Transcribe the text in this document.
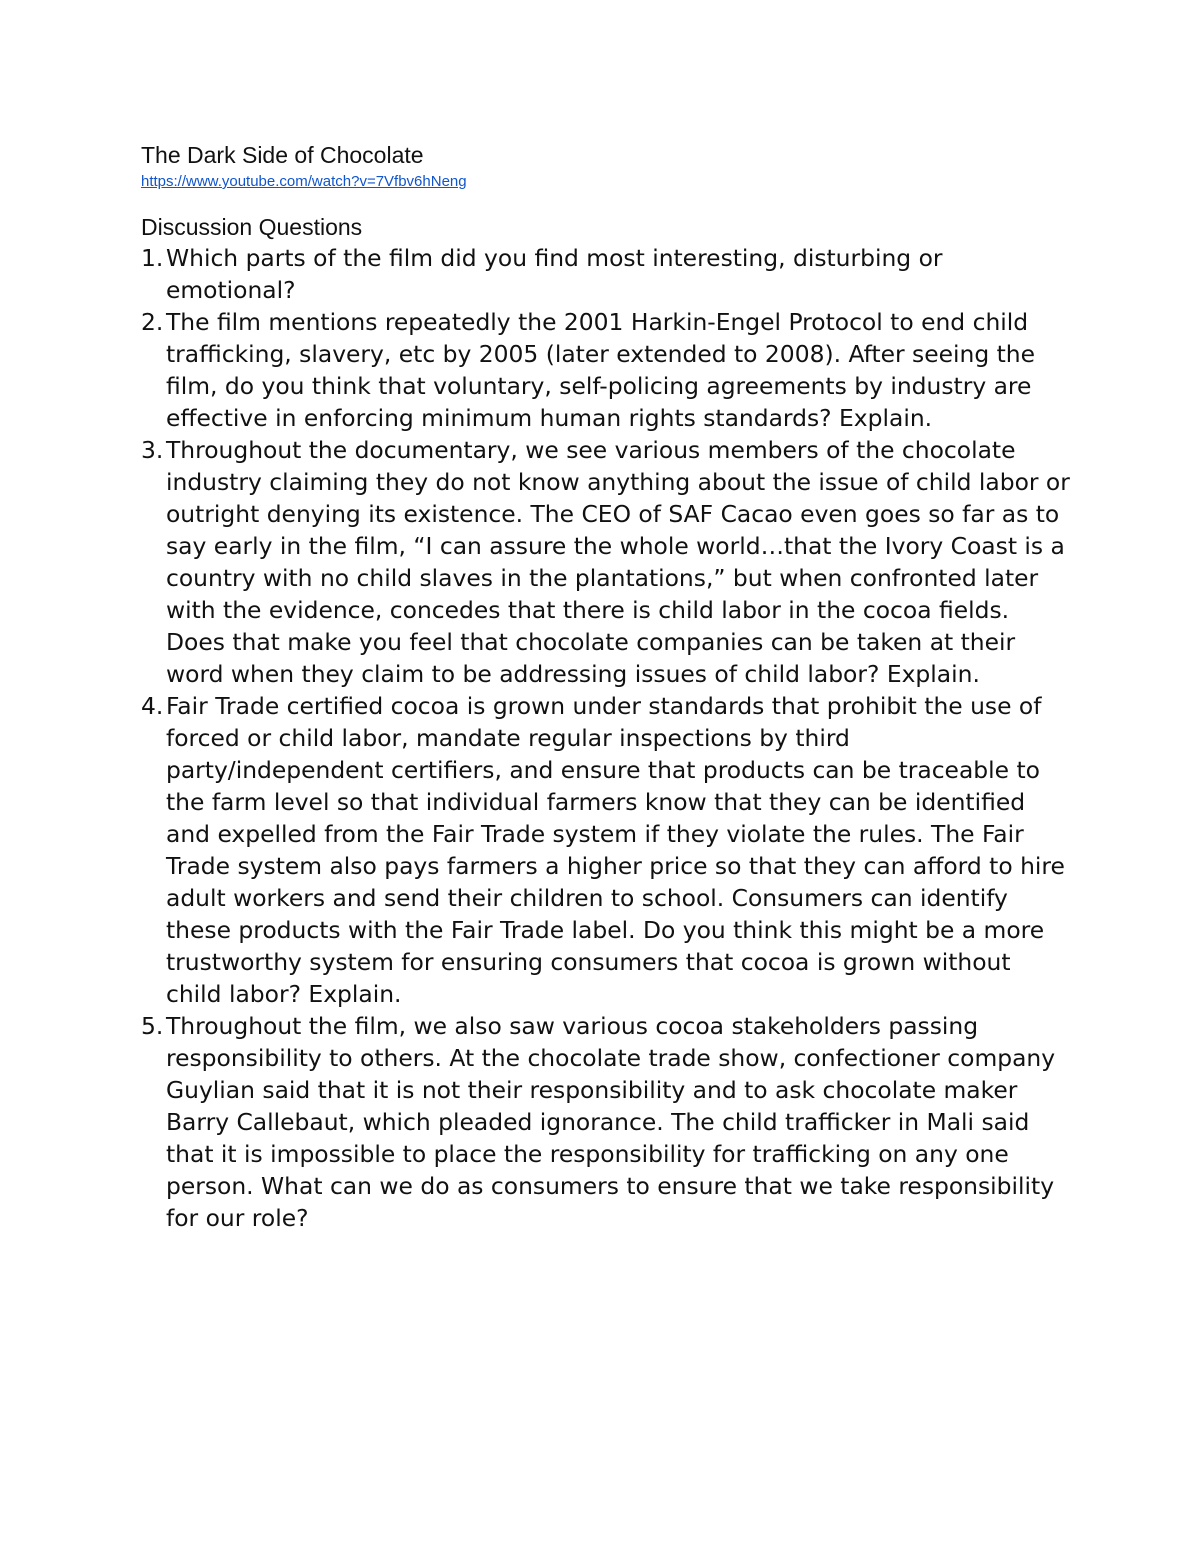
The Dark Side of Chocolate
https://www.youtube.com/watch?v=7Vfbv6hNeng
Discussion Questions
1. Which parts of the film did you find most interesting, disturbing or emotional?
2. The film mentions repeatedly the 2001 Harkin-Engel Protocol to end child trafficking, slavery, etc by 2005 (later extended to 2008). After seeing the film, do you think that voluntary, self-policing agreements by industry are effective in enforcing minimum human rights standards? Explain.
3. Throughout the documentary, we see various members of the chocolate industry claiming they do not know anything about the issue of child labor or outright denying its existence. The CEO of SAF Cacao even goes so far as to say early in the film, “I can assure the whole world…that the Ivory Coast is a country with no child slaves in the plantations,” but when confronted later with the evidence, concedes that there is child labor in the cocoa fields. Does that make you feel that chocolate companies can be taken at their word when they claim to be addressing issues of child labor? Explain.
4. Fair Trade certified cocoa is grown under standards that prohibit the use of forced or child labor, mandate regular inspections by third party/independent certifiers, and ensure that products can be traceable to the farm level so that individual farmers know that they can be identified and expelled from the Fair Trade system if they violate the rules. The Fair Trade system also pays farmers a higher price so that they can afford to hire adult workers and send their children to school. Consumers can identify these products with the Fair Trade label. Do you think this might be a more trustworthy system for ensuring consumers that cocoa is grown without child labor? Explain.
5. Throughout the film, we also saw various cocoa stakeholders passing responsibility to others. At the chocolate trade show, confectioner company Guylian said that it is not their responsibility and to ask chocolate maker Barry Callebaut, which pleaded ignorance. The child trafficker in Mali said that it is impossible to place the responsibility for trafficking on any one person. What can we do as consumers to ensure that we take responsibility for our role?
